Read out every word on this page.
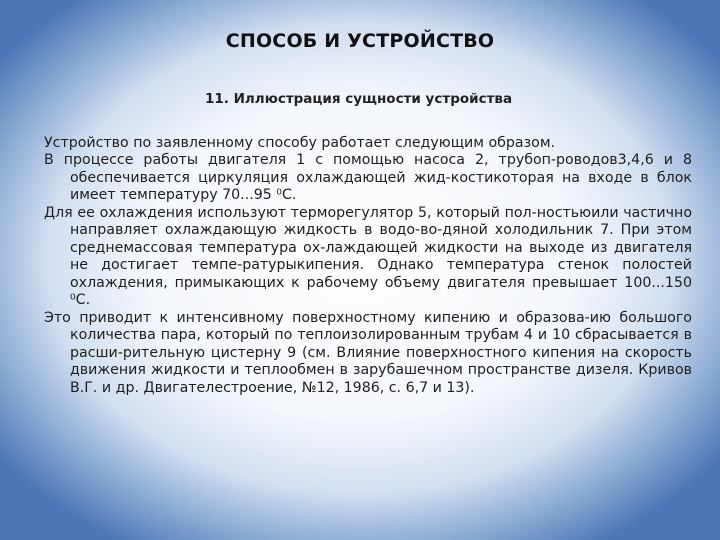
СПОСОБ И УСТРОЙСТВО
11. Иллюстрация сущности устройства

Устройство по заявленному способу работает следующим образом.

В процессе работы двигателя 1 с помощью насоса 2, трубоп-роводов3,4,6 и 8 обеспечивается циркуляция охлаждающей жид-костикоторая на входе в блок имеет температуру 70...95 ⁰С.

Для ее охлаждения используют терморегулятор 5, который пол-ностьюили частично направляет охлаждающую жидкость в водо-во-дяной холодильник 7. При этом среднемассовая температура ох-лаждающей жидкости на выходе из двигателя не достигает темпе-ратурыкипения. Однако температура стенок полостей охлаждения, примыкающих к рабочему объему двигателя превышает 100...150 ⁰С.

Это приводит к интенсивному поверхностному кипению и образова-ию большого количества пара, который по теплоизолированным трубам 4 и 10 сбрасывается в расши-рительную цистерну 9 (см. Влияние поверхностного кипения на скорость движения жидкости и теплообмен в зарубашечном пространстве дизеля. Кривов В.Г. и др. Двигателестроение, №12, 1986, с. 6,7 и 13).
